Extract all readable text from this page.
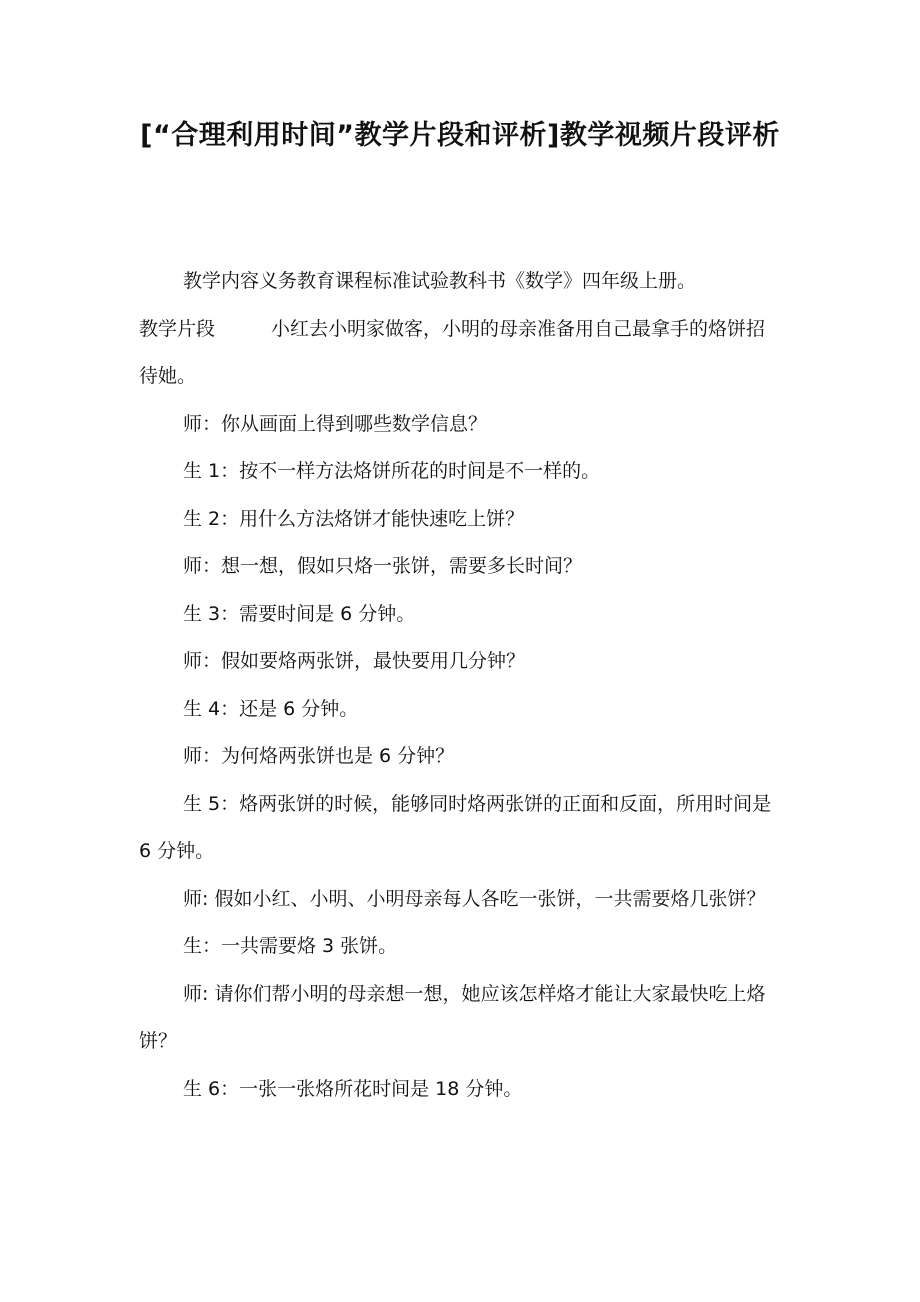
[“合理利用时间”教学片段和评析]教学视频片段评析

教学内容义务教育课程标准试验教科书《数学》四年级上册。

教学片段	小红去小明家做客，小明的母亲准备用自己最拿手的烙饼招待她。

师：你从画面上得到哪些数学信息？

生 1：按不一样方法烙饼所花的时间是不一样的。

生 2：用什么方法烙饼才能快速吃上饼？

师：想一想，假如只烙一张饼，需要多长时间？

生 3：需要时间是 6 分钟。

师：假如要烙两张饼，最快要用几分钟？

生 4：还是 6 分钟。

师：为何烙两张饼也是 6 分钟？

生 5：烙两张饼的时候，能够同时烙两张饼的正面和反面，所用时间是 6 分钟。

师: 假如小红、小明、小明母亲每人各吃一张饼，一共需要烙几张饼？

生：一共需要烙 3 张饼。

师: 请你们帮小明的母亲想一想，她应该怎样烙才能让大家最快吃上烙饼？

生 6：一张一张烙所花时间是 18 分钟。
